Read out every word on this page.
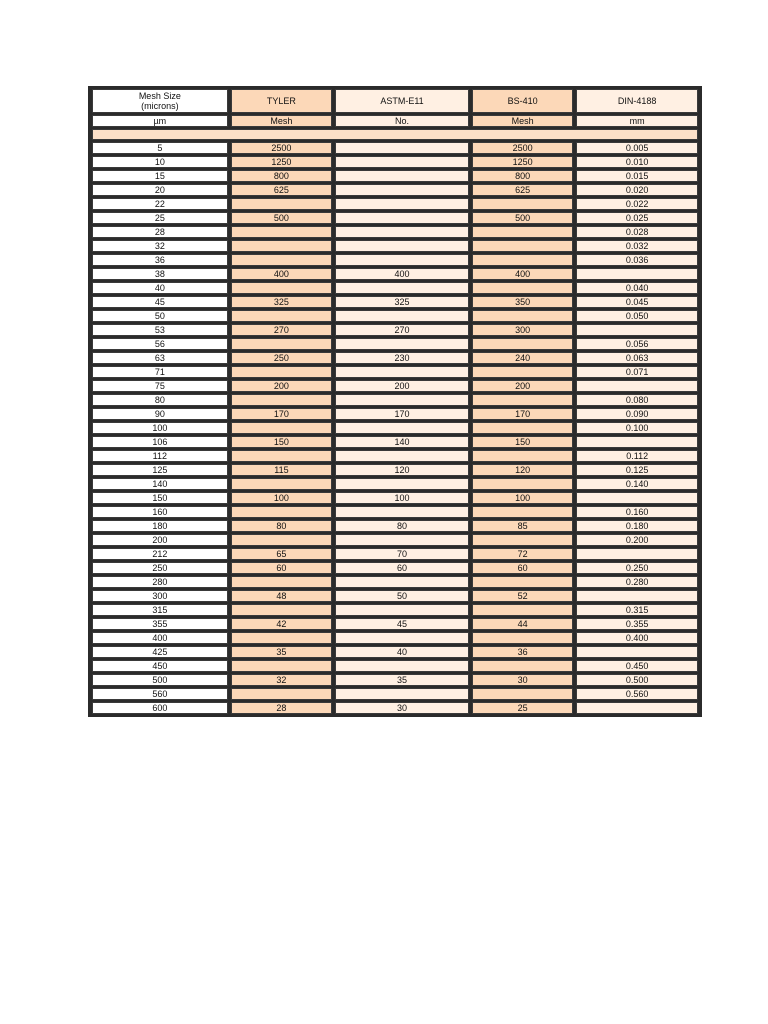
Mesh Size
(microns)	TYLER	ASTM-E11	BS-410	DIN-4188
µm	Mesh	No.	Mesh	mm

5	2500		2500	0.005
10	1250		1250	0.010
15	800		800	0.015
20	625		625	0.020
22				0.022
25	500		500	0.025
28				0.028
32				0.032
36				0.036
38	400	400	400	
40				0.040
45	325	325	350	0.045
50				0.050
53	270	270	300	
56				0.056
63	250	230	240	0.063
71				0.071
75	200	200	200	
80				0.080
90	170	170	170	0.090
100				0.100
106	150	140	150	
112				0.112
125	115	120	120	0.125
140				0.140
150	100	100	100	
160				0.160
180	80	80	85	0.180
200				0.200
212	65	70	72	
250	60	60	60	0.250
280				0.280
300	48	50	52	
315				0.315
355	42	45	44	0.355
400				0.400
425	35	40	36	
450				0.450
500	32	35	30	0.500
560				0.560
600	28	30	25	
